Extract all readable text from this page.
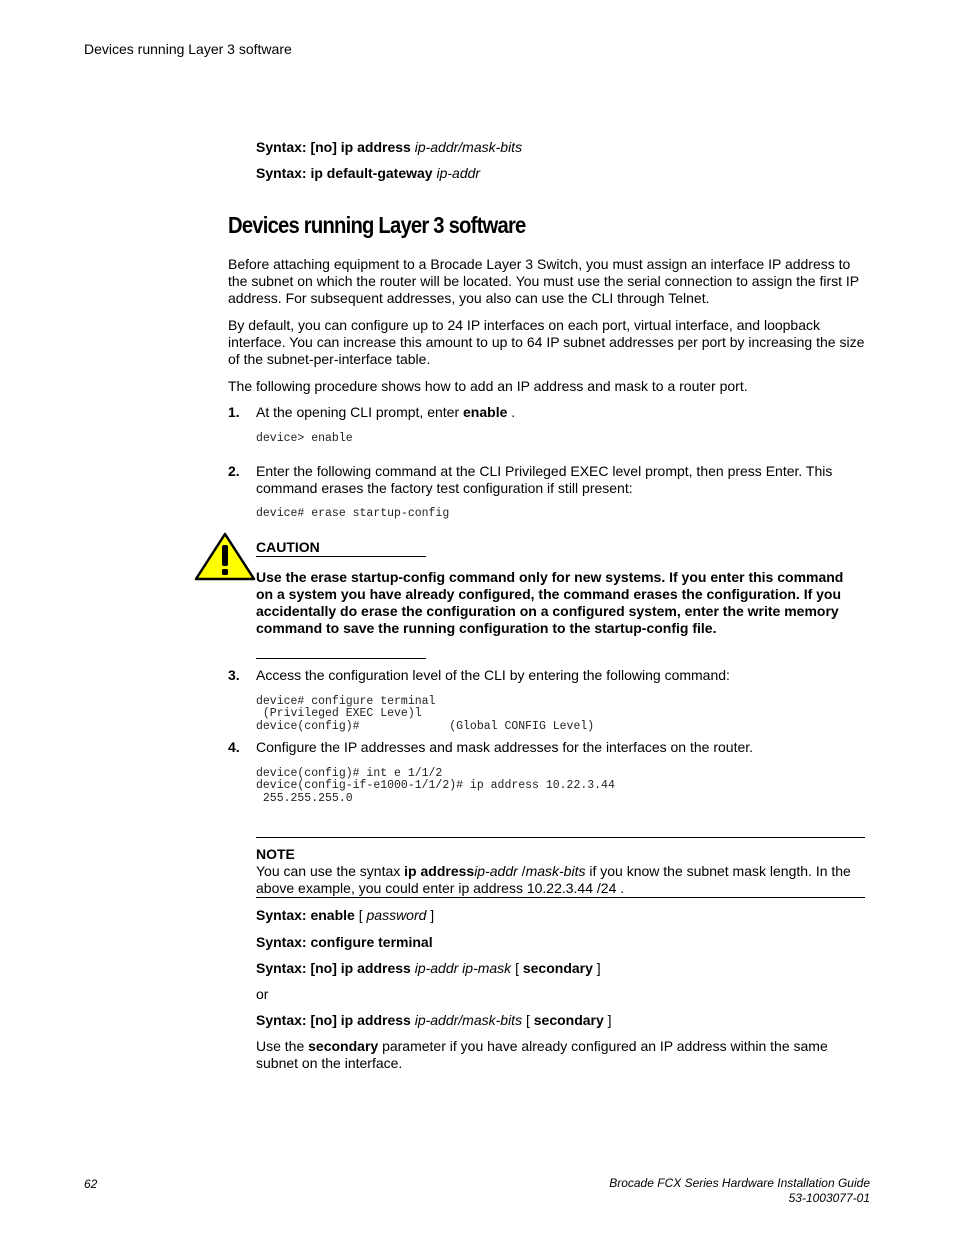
Devices running Layer 3 software
Syntax: [no] ip address ip-addr/mask-bits
Syntax: ip default-gateway ip-addr
Devices running Layer 3 software
Before attaching equipment to a Brocade Layer 3 Switch, you must assign an interface IP address to the subnet on which the router will be located. You must use the serial connection to assign the first IP address. For subsequent addresses, you also can use the CLI through Telnet.
By default, you can configure up to 24 IP interfaces on each port, virtual interface, and loopback interface. You can increase this amount to up to 64 IP subnet addresses per port by increasing the size of the subnet-per-interface table.
The following procedure shows how to add an IP address and mask to a router port.
1. At the opening CLI prompt, enter enable .
device> enable
2. Enter the following command at the CLI Privileged EXEC level prompt, then press Enter. This command erases the factory test configuration if still present:
device# erase startup-config
CAUTION
Use the erase startup-config command only for new systems. If you enter this command on a system you have already configured, the command erases the configuration. If you accidentally do erase the configuration on a configured system, enter the write memory command to save the running configuration to the startup-config file.
3. Access the configuration level of the CLI by entering the following command:
device# configure terminal
(Privileged EXEC Leve)l
device(config)#             (Global CONFIG Level)
4. Configure the IP addresses and mask addresses for the interfaces on the router.
device(config)# int e 1/1/2
device(config-if-e1000-1/1/2)# ip address 10.22.3.44
255.255.255.0
NOTE
You can use the syntax ip addressip-addr /mask-bits if you know the subnet mask length. In the above example, you could enter ip address 10.22.3.44 /24 .
Syntax: enable [ password ]
Syntax: configure terminal
Syntax: [no] ip address ip-addr ip-mask [ secondary ]
or
Syntax: [no] ip address ip-addr/mask-bits [ secondary ]
Use the secondary parameter if you have already configured an IP address within the same subnet on the interface.
62	Brocade FCX Series Hardware Installation Guide
53-1003077-01
